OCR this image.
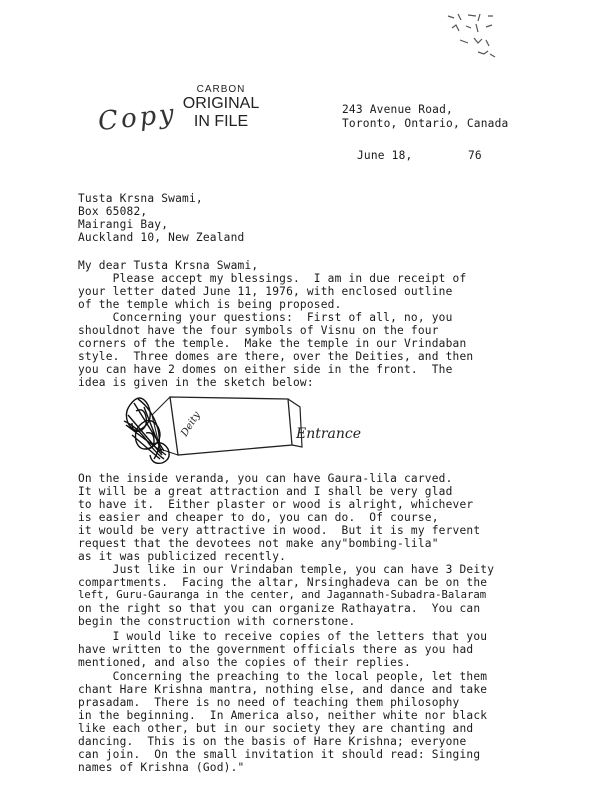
Copy
CARBON
ORIGINAL
IN FILE
243 Avenue Road,
Toronto, Ontario, Canada
June 18,        76
Tusta Krsna Swami,
Box 65082,
Mairangi Bay,
Auckland 10, New Zealand
My dear Tusta Krsna Swami,
Please accept my blessings.  I am in due receipt of
your letter dated June 11, 1976, with enclosed outline
of the temple which is being proposed.
Concerning your questions:  First of all, no, you
shouldnot have the four symbols of Visnu on the four
corners of the temple.  Make the temple in our Vrindaban
style.  Three domes are there, over the Deities, and then
you can have 2 domes on either side in the front.  The
idea is given in the sketch below:
Deity	Entrance
On the inside veranda, you can have Gaura-lila carved.
It will be a great attraction and I shall be very glad
to have it.  Either plaster or wood is alright, whichever
is easier and cheaper to do, you can do.  Of course,
it would be very attractive in wood.  But it is my fervent
request that the devotees not make any"bombing-lila"
as it was publicized recently.
Just like in our Vrindaban temple, you can have 3 Deity
compartments.  Facing the altar, Nrsinghadeva can be on the
left, Guru-Gauranga in the center, and Jagannath-Subadra-Balaram
on the right so that you can organize Rathayatra.  You can
begin the construction with cornerstone.
I would like to receive copies of the letters that you
have written to the government officials there as you had
mentioned, and also the copies of their replies.
Concerning the preaching to the local people, let them
chant Hare Krishna mantra, nothing else, and dance and take
prasadam.  There is no need of teaching them philosophy
in the beginning.  In America also, neither white nor black
like each other, but in our society they are chanting and
dancing.  This is on the basis of Hare Krishna; everyone
can join.  On the small invitation it should read: Singing
names of Krishna (God)."
